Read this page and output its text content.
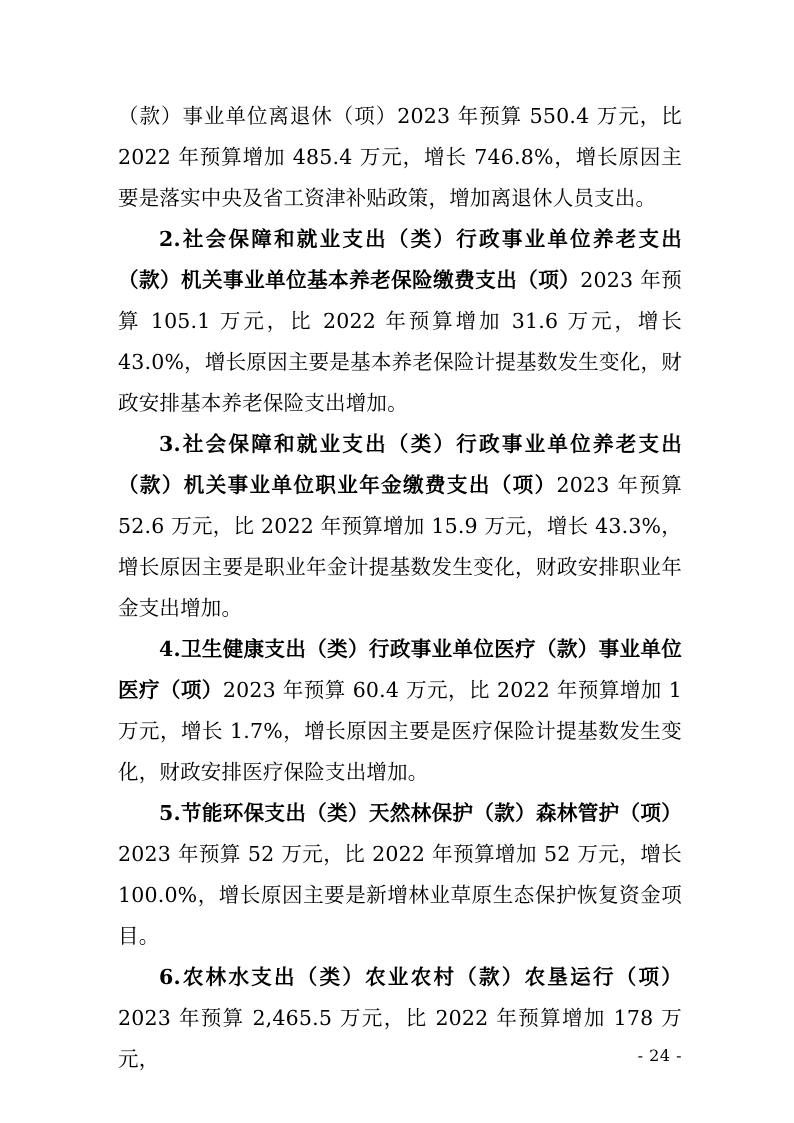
（款）事业单位离退休（项）2023 年预算 550.4 万元，比 2022 年预算增加 485.4 万元，增长 746.8%，增长原因主要是落实中央及省工资津补贴政策，增加离退休人员支出。

2.社会保障和就业支出（类）行政事业单位养老支出（款）机关事业单位基本养老保险缴费支出（项）2023 年预算 105.1 万元，比 2022 年预算增加 31.6 万元，增长 43.0%，增长原因主要是基本养老保险计提基数发生变化，财政安排基本养老保险支出增加。

3.社会保障和就业支出（类）行政事业单位养老支出（款）机关事业单位职业年金缴费支出（项）2023 年预算 52.6 万元，比 2022 年预算增加 15.9 万元，增长 43.3%，增长原因主要是职业年金计提基数发生变化，财政安排职业年金支出增加。

4.卫生健康支出（类）行政事业单位医疗（款）事业单位医疗（项）2023 年预算 60.4 万元，比 2022 年预算增加 1 万元，增长 1.7%，增长原因主要是医疗保险计提基数发生变化，财政安排医疗保险支出增加。

5.节能环保支出（类）天然林保护（款）森林管护（项）2023 年预算 52 万元，比 2022 年预算增加 52 万元，增长 100.0%，增长原因主要是新增林业草原生态保护恢复资金项目。

6.农林水支出（类）农业农村（款）农垦运行（项）2023 年预算 2,465.5 万元，比 2022 年预算增加 178 万元，	- 24 -
